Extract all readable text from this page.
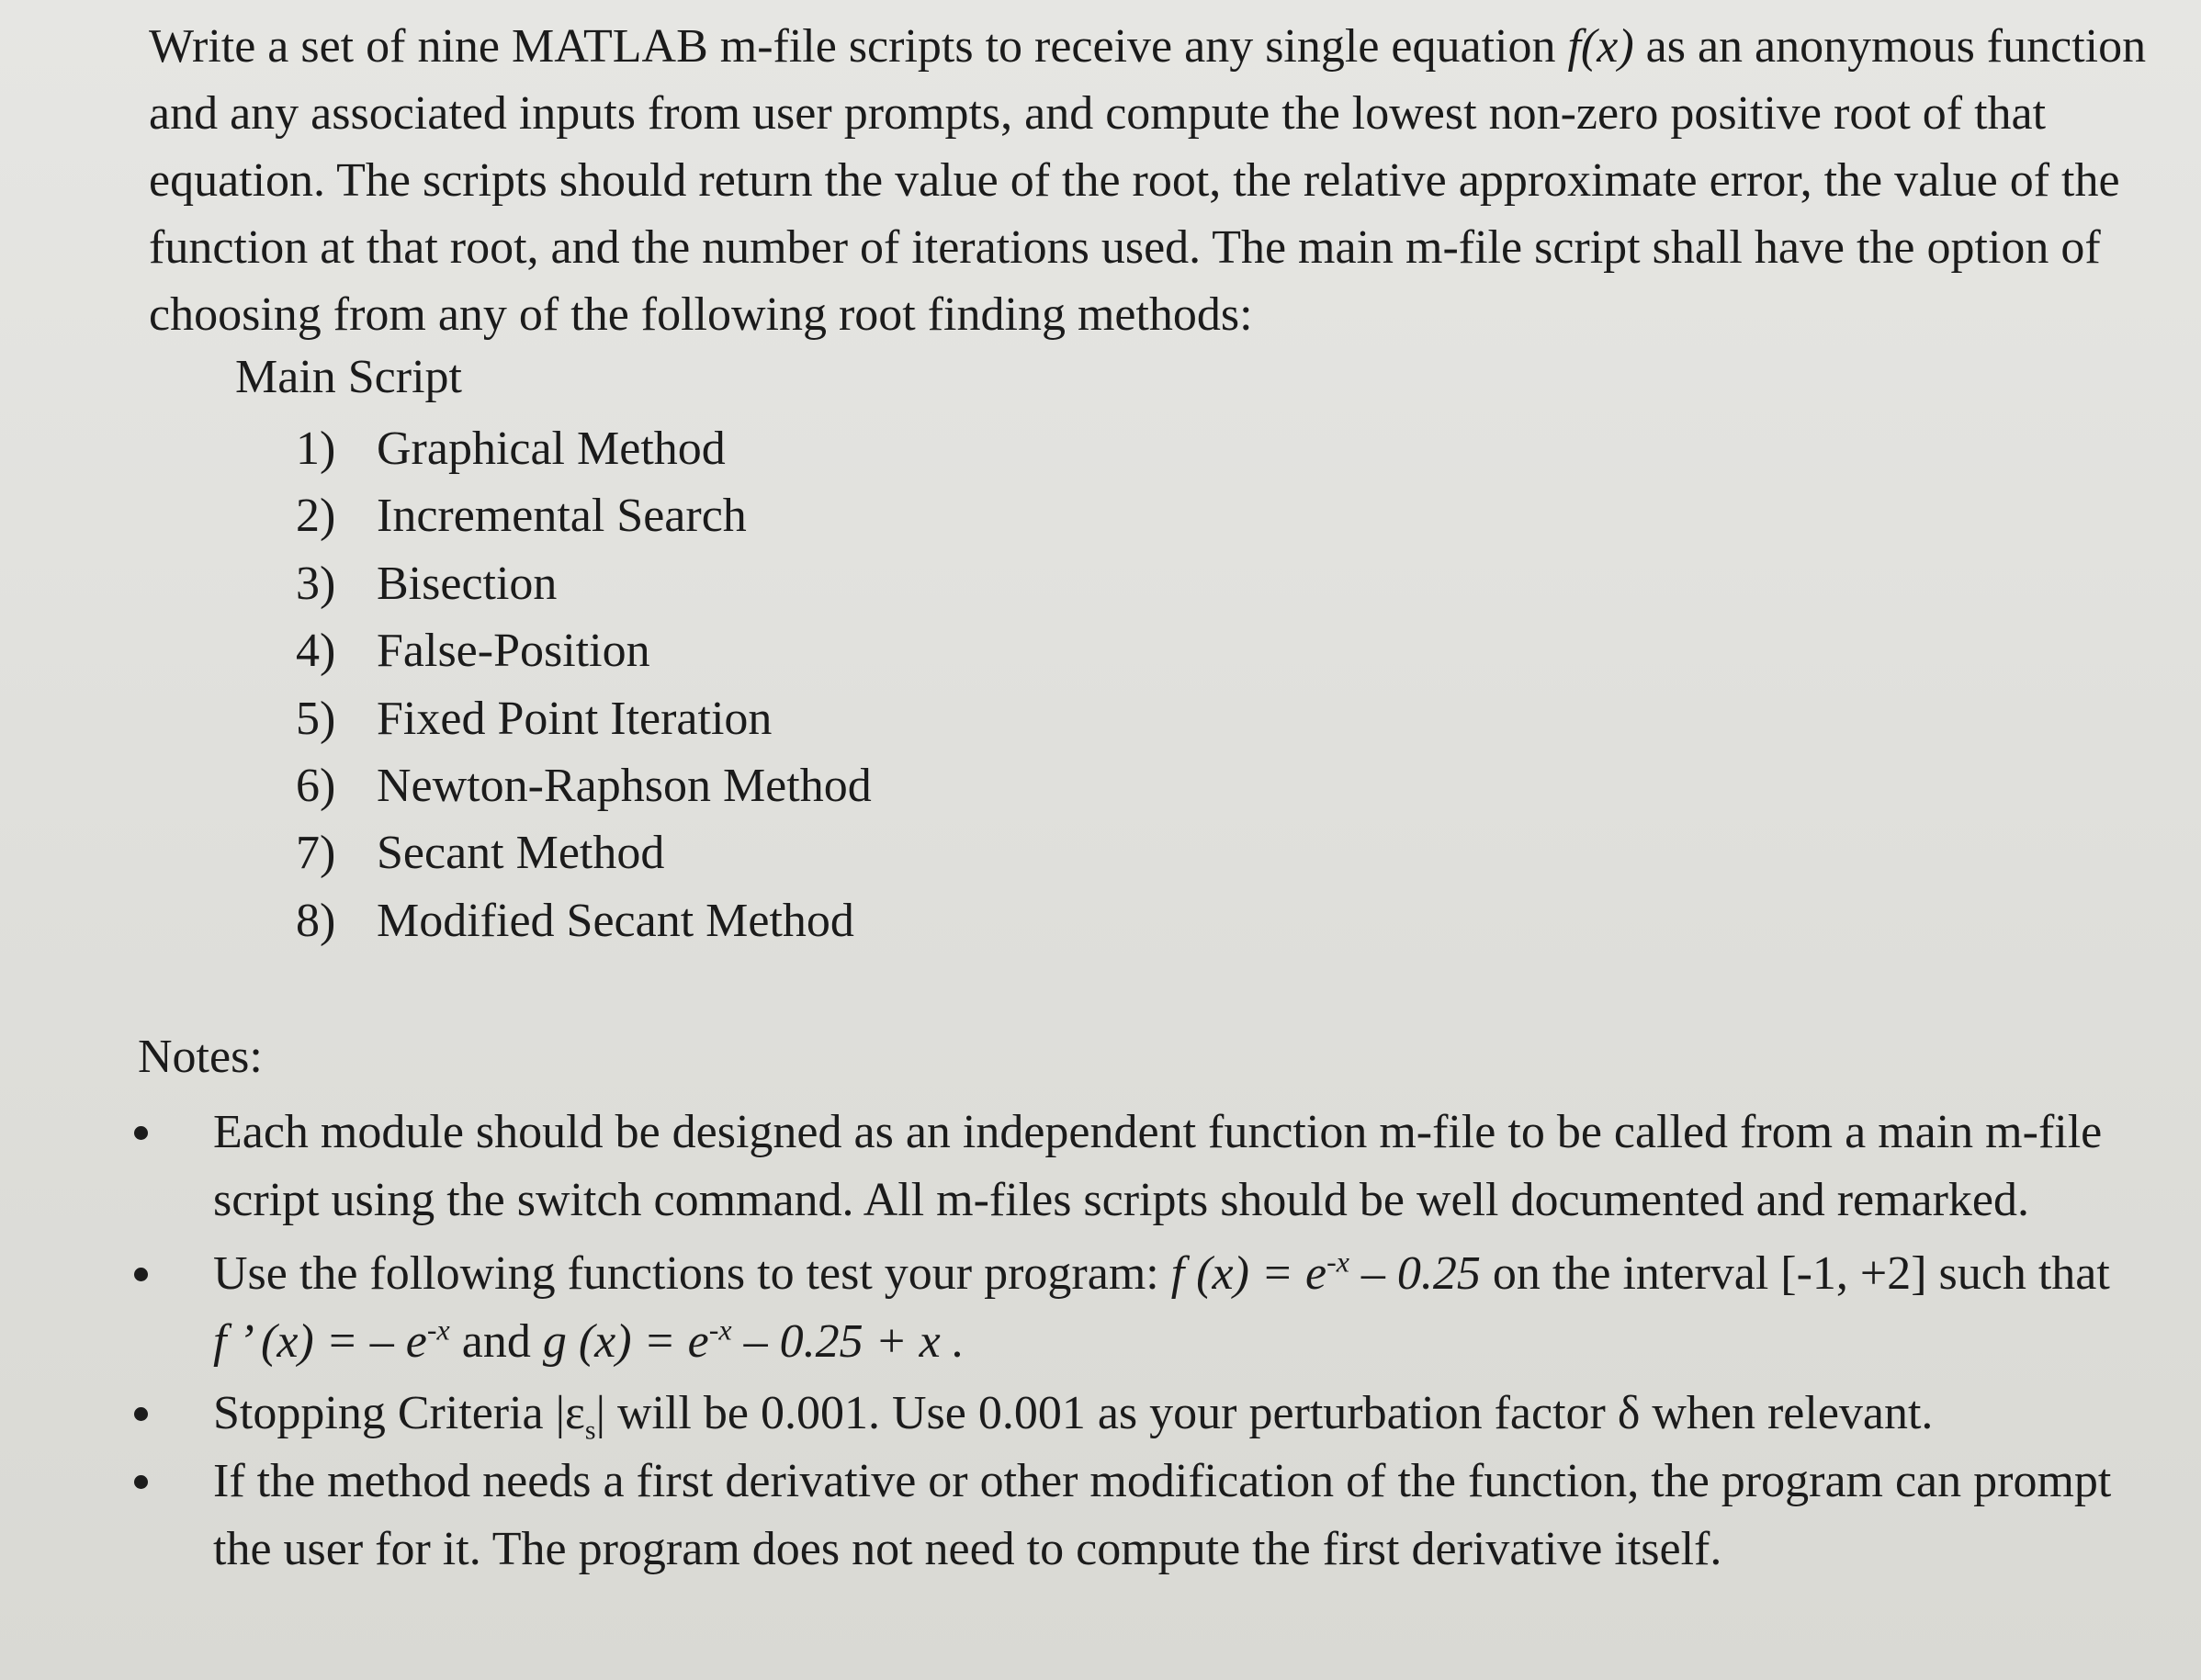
Write a set of nine MATLAB m-file scripts to receive any single equation f(x) as an anonymous function and any associated inputs from user prompts, and compute the lowest non-zero positive root of that equation. The scripts should return the value of the root, the relative approximate error, the value of the function at that root, and the number of iterations used. The main m-file script shall have the option of choosing from any of the following root finding methods:

Main Script

1) Graphical Method
2) Incremental Search
3) Bisection
4) False-Position
5) Fixed Point Iteration
6) Newton-Raphson Method
7) Secant Method
8) Modified Secant Method

Notes:

Each module should be designed as an independent function m-file to be called from a main m-file script using the switch command. All m-files scripts should be well documented and remarked.
Use the following functions to test your program: f $(x) = e^{-x} - 0.25$ on the interval [-1, +2] such that f ’ (x) = – $e^{-x}$ and g $(x) = e^{-x} - 0.25 + x$ .
Stopping Criteria $|\varepsilon_s|$ will be 0.001. Use 0.001 as your perturbation factor δ when relevant.
If the method needs a first derivative or other modification of the function, the program can prompt the user for it. The program does not need to compute the first derivative itself.
